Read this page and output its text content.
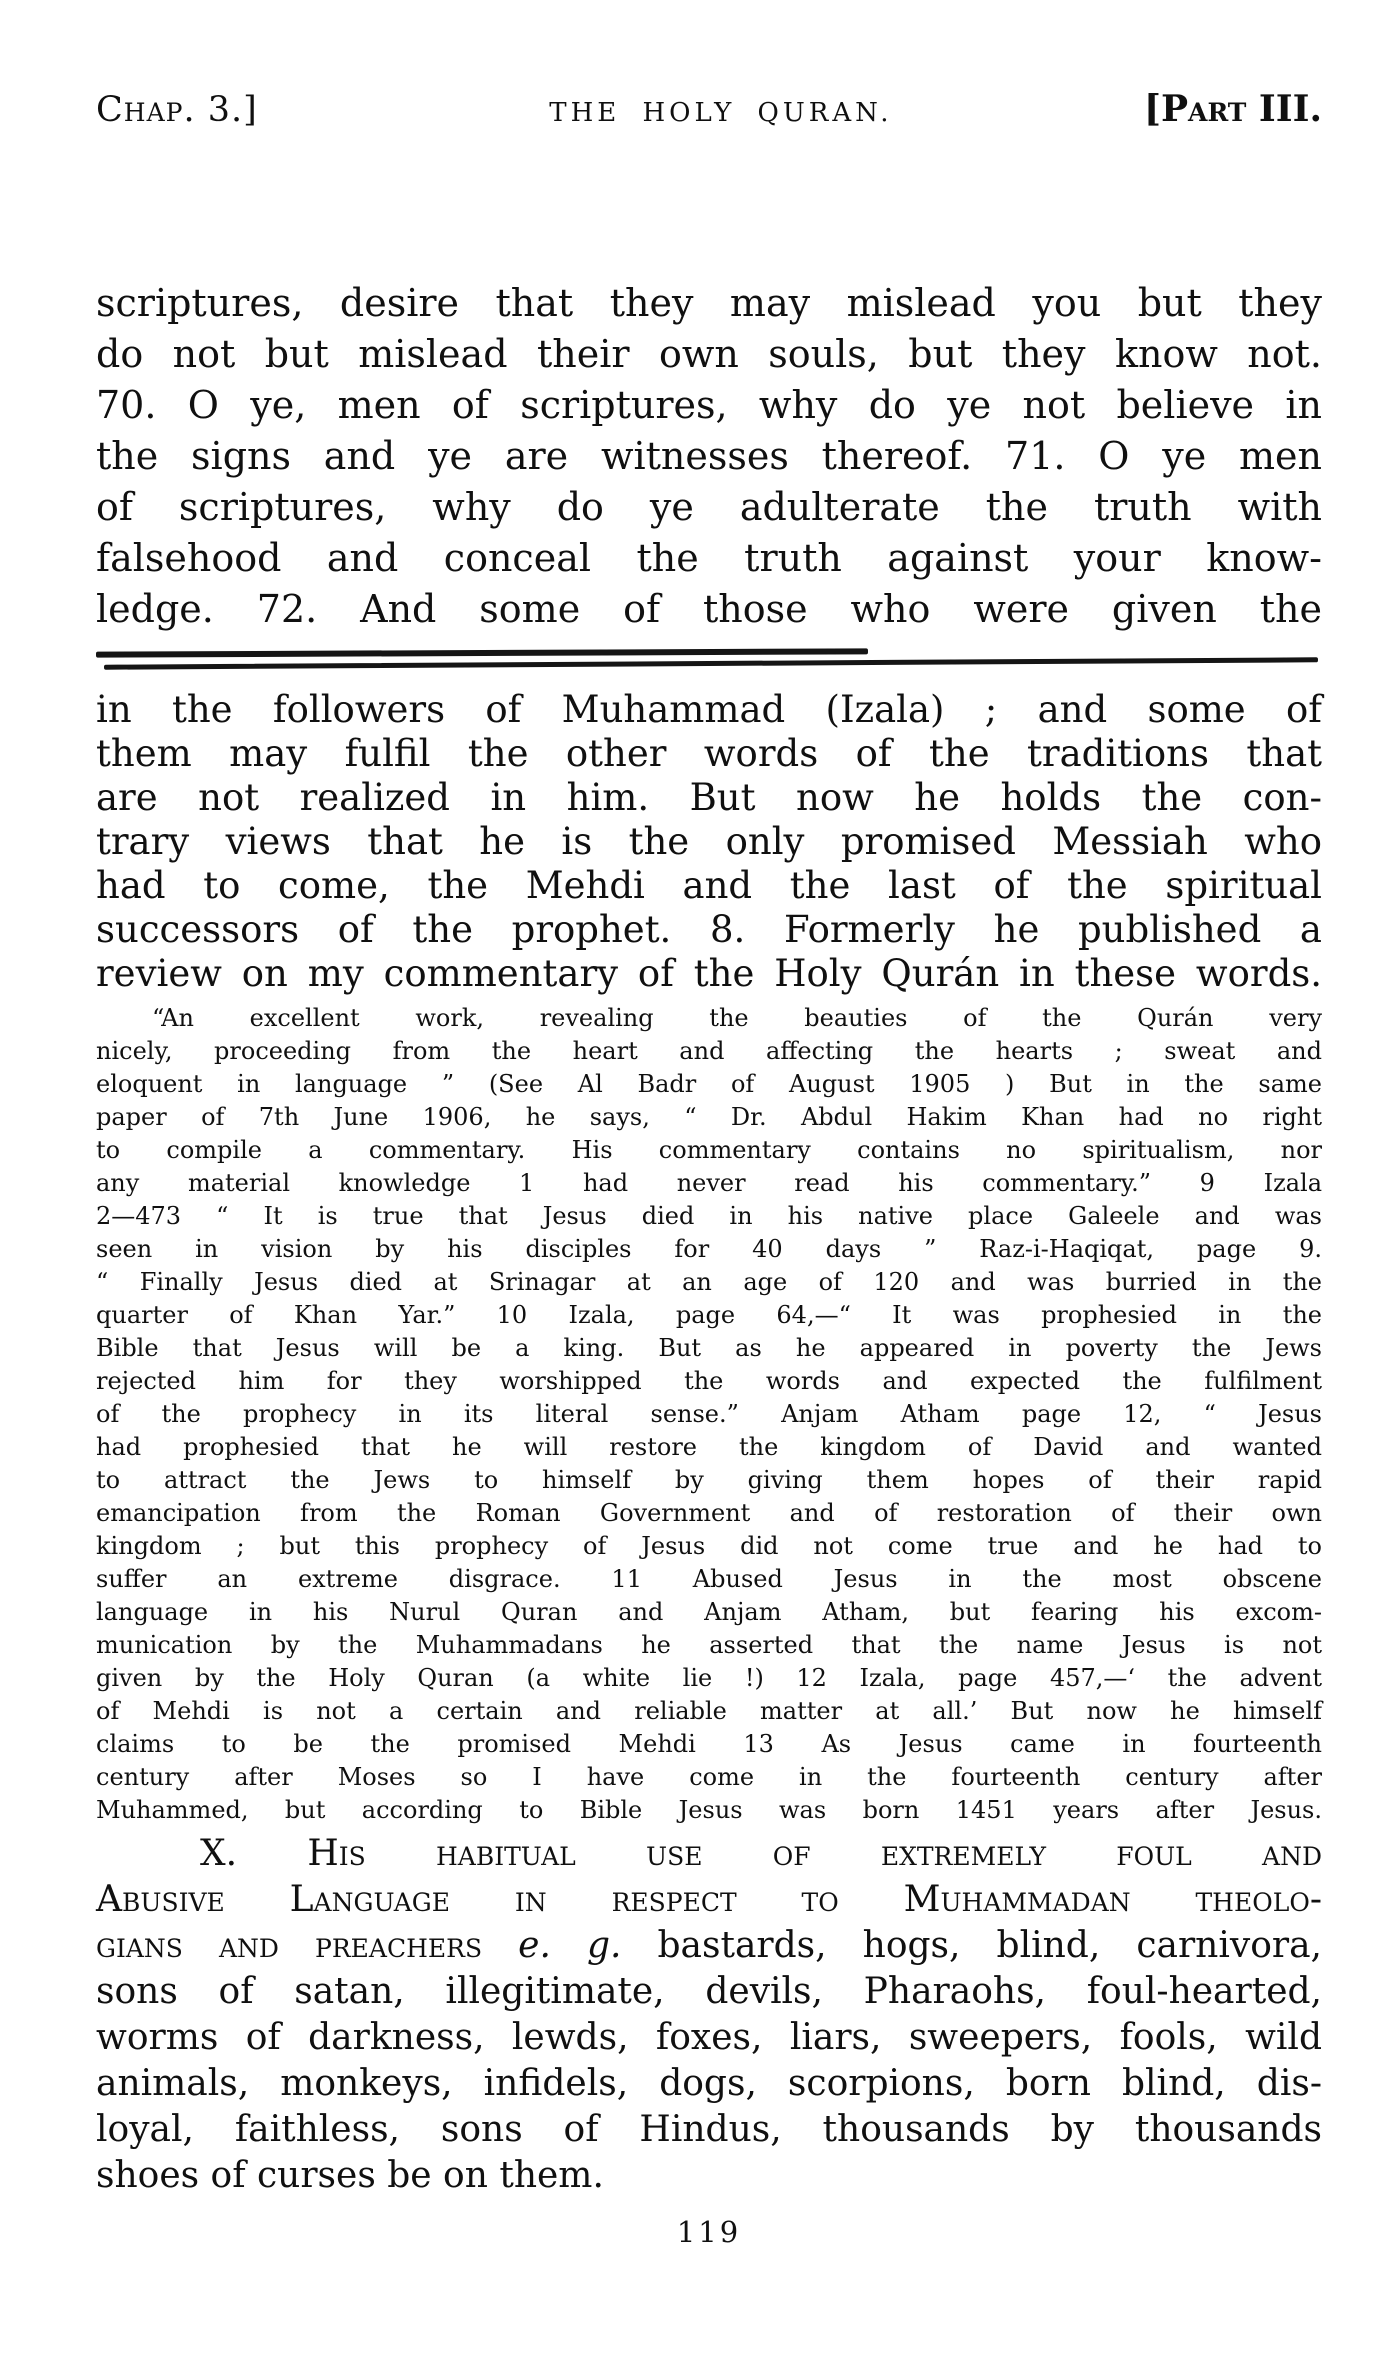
Chap. 3.]	THE HOLY QURAN.	[Part III.
scriptures, desire that they may mislead you but they
do not but mislead their own souls, but they know not.
70. O ye, men of scriptures, why do ye not believe in
the signs and ye are witnesses thereof. 71. O ye men
of scriptures, why do ye adulterate the truth with
falsehood and conceal the truth against your know-
ledge. 72. And some of those who were given the
in the followers of Muhammad (Izala) ; and some of
them may fulfil the other words of the traditions that
are not realized in him. But now he holds the con-
trary views that he is the only promised Messiah who
had to come, the Mehdi and the last of the spiritual
successors of the prophet. 8. Formerly he published a
review on my commentary of the Holy Qurán in these words.
“An excellent work, revealing the beauties of the Qurán very
nicely, proceeding from the heart and affecting the hearts ; sweat and
eloquent in language ” (See Al Badr of August 1905 ) But in the same
paper of 7th June 1906, he says, “ Dr. Abdul Hakim Khan had no right
to compile a commentary. His commentary contains no spiritualism, nor
any material knowledge 1 had never read his commentary.” 9 Izala
2—473 “ It is true that Jesus died in his native place Galeele and was
seen in vision by his disciples for 40 days ” Raz-i-Haqiqat, page 9.
“ Finally Jesus died at Srinagar at an age of 120 and was burried in the
quarter of Khan Yar.” 10 Izala, page 64,—“ It was prophesied in the
Bible that Jesus will be a king. But as he appeared in poverty the Jews
rejected him for they worshipped the words and expected the fulfilment
of the prophecy in its literal sense.” Anjam Atham page 12, “ Jesus
had prophesied that he will restore the kingdom of David and wanted
to attract the Jews to himself by giving them hopes of their rapid
emancipation from the Roman Government and of restoration of their own
kingdom ; but this prophecy of Jesus did not come true and he had to
suffer an extreme disgrace. 11 Abused Jesus in the most obscene
language in his Nurul Quran and Anjam Atham, but fearing his excom-
munication by the Muhammadans he asserted that the name Jesus is not
given by the Holy Quran (a white lie !) 12 Izala, page 457,—‘ the advent
of Mehdi is not a certain and reliable matter at all.’ But now he himself
claims to be the promised Mehdi 13 As Jesus came in fourteenth
century after Moses so I have come in the fourteenth century after
Muhammed, but according to Bible Jesus was born 1451 years after Jesus.
X. His habitual use of extremely foul and
Abusive Language in respect to Muhammadan theolo-
gians and preachers e. g. bastards, hogs, blind, carnivora,
sons of satan, illegitimate, devils, Pharaohs, foul-hearted,
worms of darkness, lewds, foxes, liars, sweepers, fools, wild
animals, monkeys, infidels, dogs, scorpions, born blind, dis-
loyal, faithless, sons of Hindus, thousands by thousands
shoes of curses be on them.
119
